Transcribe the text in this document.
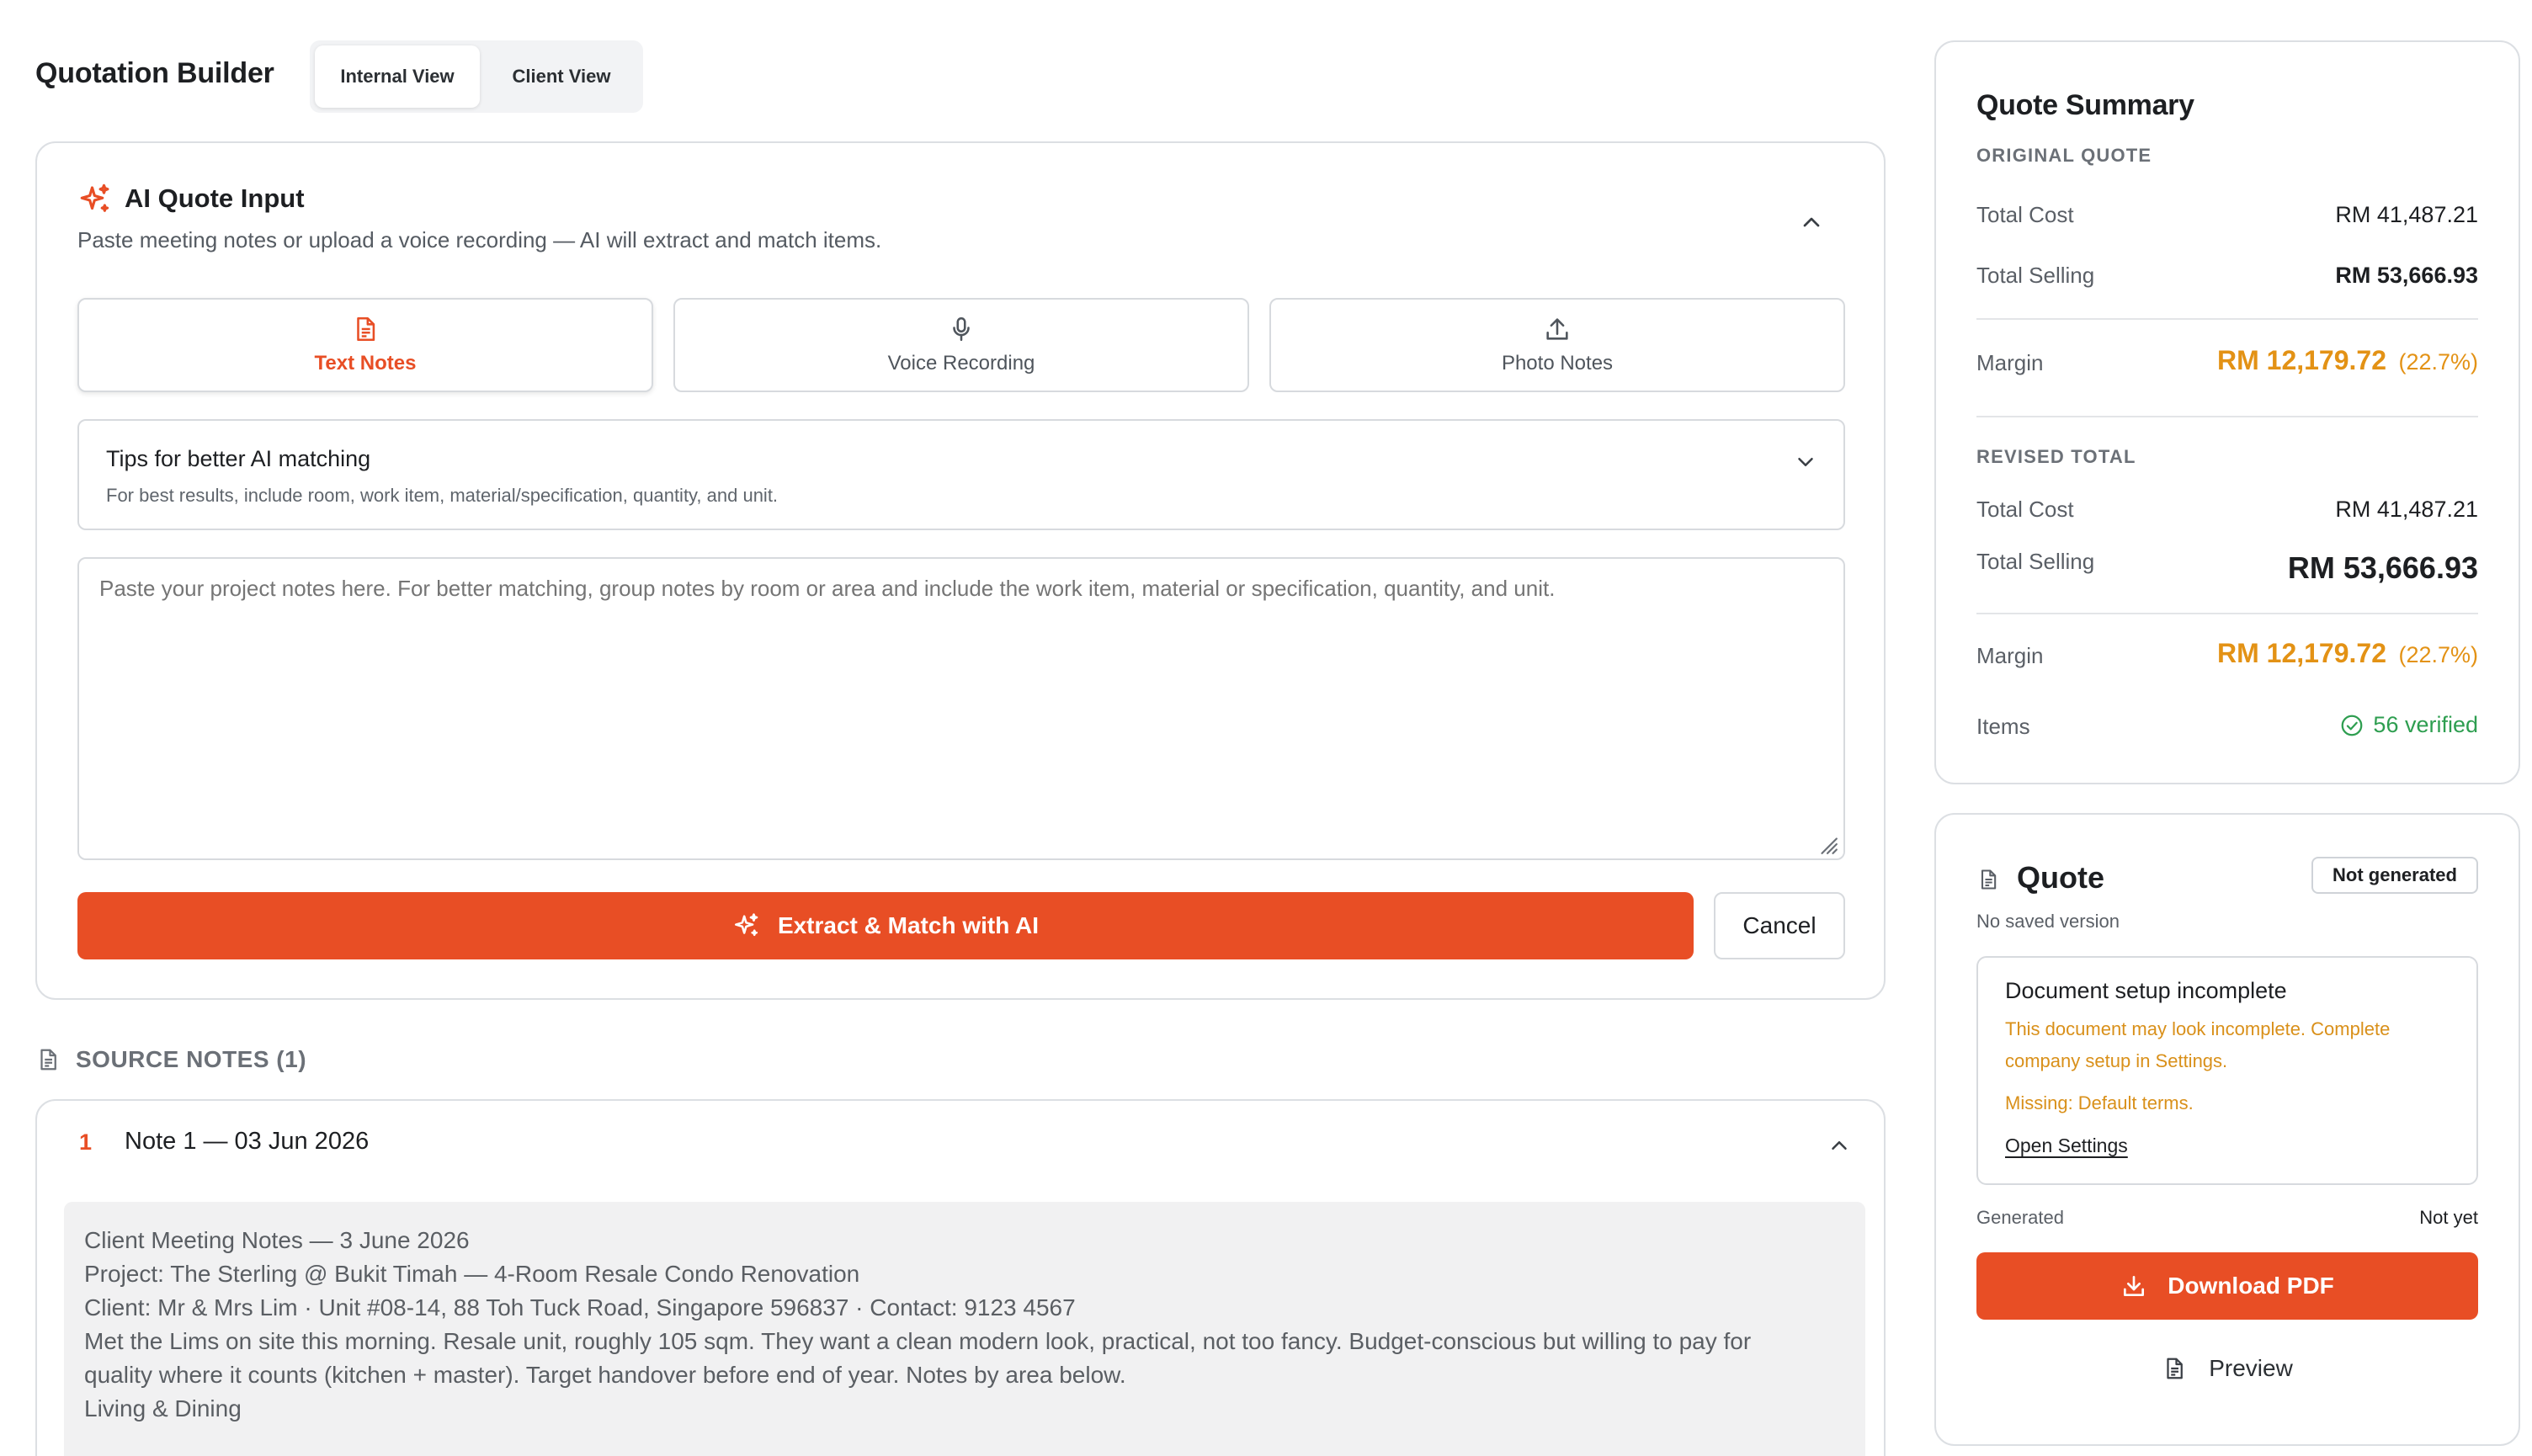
Quotation Builder	Internal View	Client View
AI Quote Input
Paste meeting notes or upload a voice recording — AI will extract and match items.
Text Notes	Voice Recording	Photo Notes
Tips for better AI matching
For best results, include room, work item, material/specification, quantity, and unit.
Paste your project notes here. For better matching, group notes by room or area and include the work item, material or specification, quantity, and unit.
Extract & Match with AI	Cancel
SOURCE NOTES (1)
1 Note 1 — 03 Jun 2026
Client Meeting Notes — 3 June 2026
Project: The Sterling @ Bukit Timah — 4-Room Resale Condo Renovation
Client: Mr & Mrs Lim · Unit #08-14, 88 Toh Tuck Road, Singapore 596837 · Contact: 9123 4567
Met the Lims on site this morning. Resale unit, roughly 105 sqm. They want a clean modern look, practical, not too fancy. Budget-conscious but willing to pay for
quality where it counts (kitchen + master). Target handover before end of year. Notes by area below.
Living & Dining
Quote Summary
ORIGINAL QUOTE
Total Cost	RM 41,487.21
Total Selling	RM 53,666.93
Margin	RM 12,179.72 (22.7%)
REVISED TOTAL
Total Cost	RM 41,487.21
Total Selling	RM 53,666.93
Margin	RM 12,179.72 (22.7%)
Items	56 verified
Quote	Not generated
No saved version
Document setup incomplete
This document may look incomplete. Complete company setup in Settings.
Missing: Default terms.
Open Settings
Generated	Not yet
Download PDF
Preview
